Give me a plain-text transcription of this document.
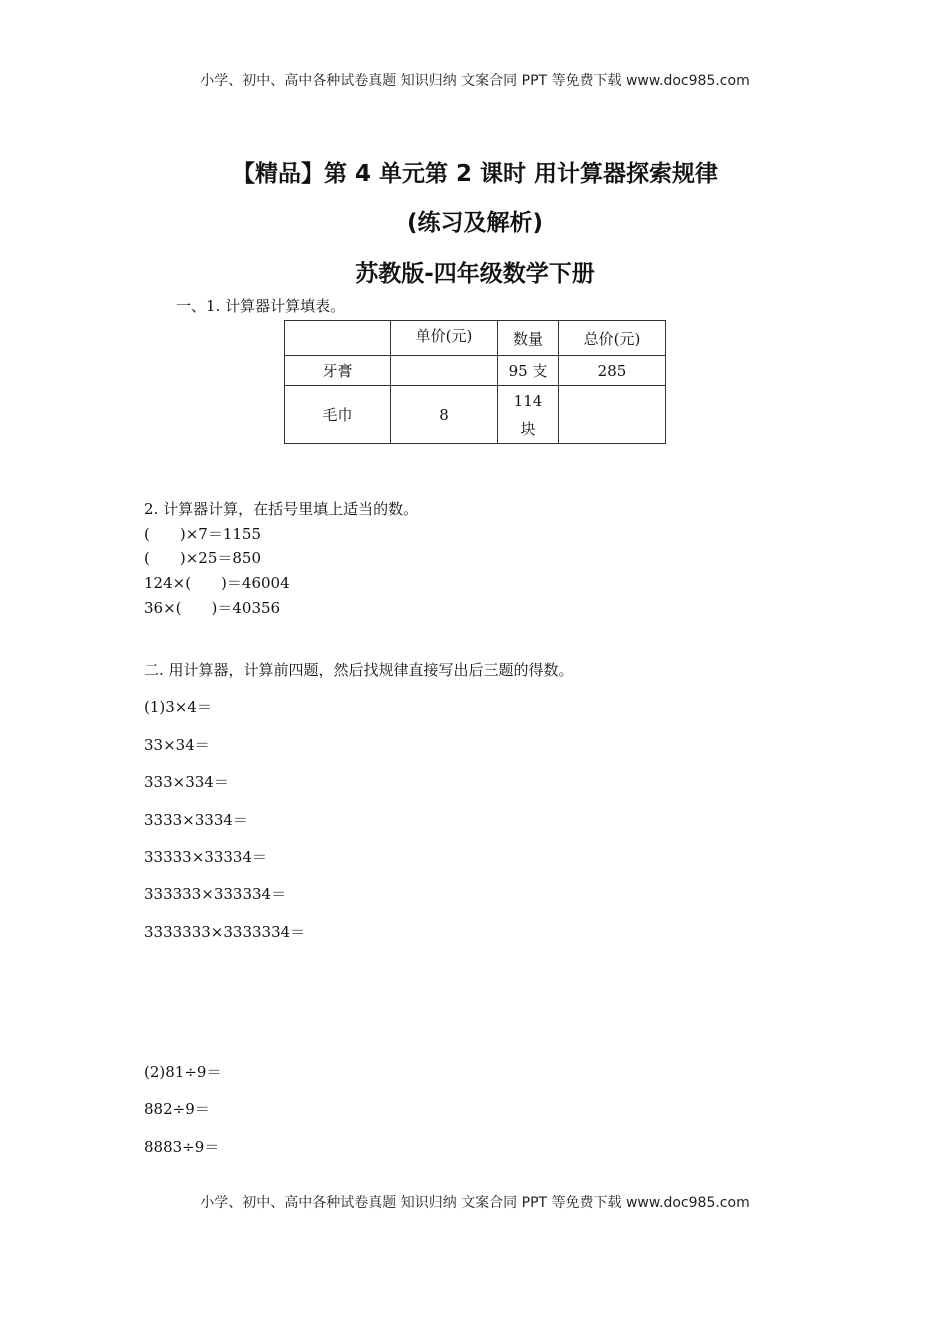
小学、初中、高中各种试卷真题 知识归纳 文案合同 PPT 等免费下载 www.doc985.com
【精品】第 4 单元第 2 课时 用计算器探索规律
(练习及解析)
苏教版-四年级数学下册
一、1. 计算器计算填表。
	单价(元)	数量	总价(元)
牙膏		95 支	285
毛巾	8	114 块	
2. 计算器计算，在括号里填上适当的数。
(　　)×7＝1155
(　　)×25＝850
124×(　　)＝46004
36×(　　)＝40356
二. 用计算器，计算前四题，然后找规律直接写出后三题的得数。
(1)3×4＝
33×34＝
333×334＝
3333×3334＝
33333×33334＝
333333×333334＝
3333333×3333334＝
(2)81÷9＝
882÷9＝
8883÷9＝
小学、初中、高中各种试卷真题 知识归纳 文案合同 PPT 等免费下载 www.doc985.com
